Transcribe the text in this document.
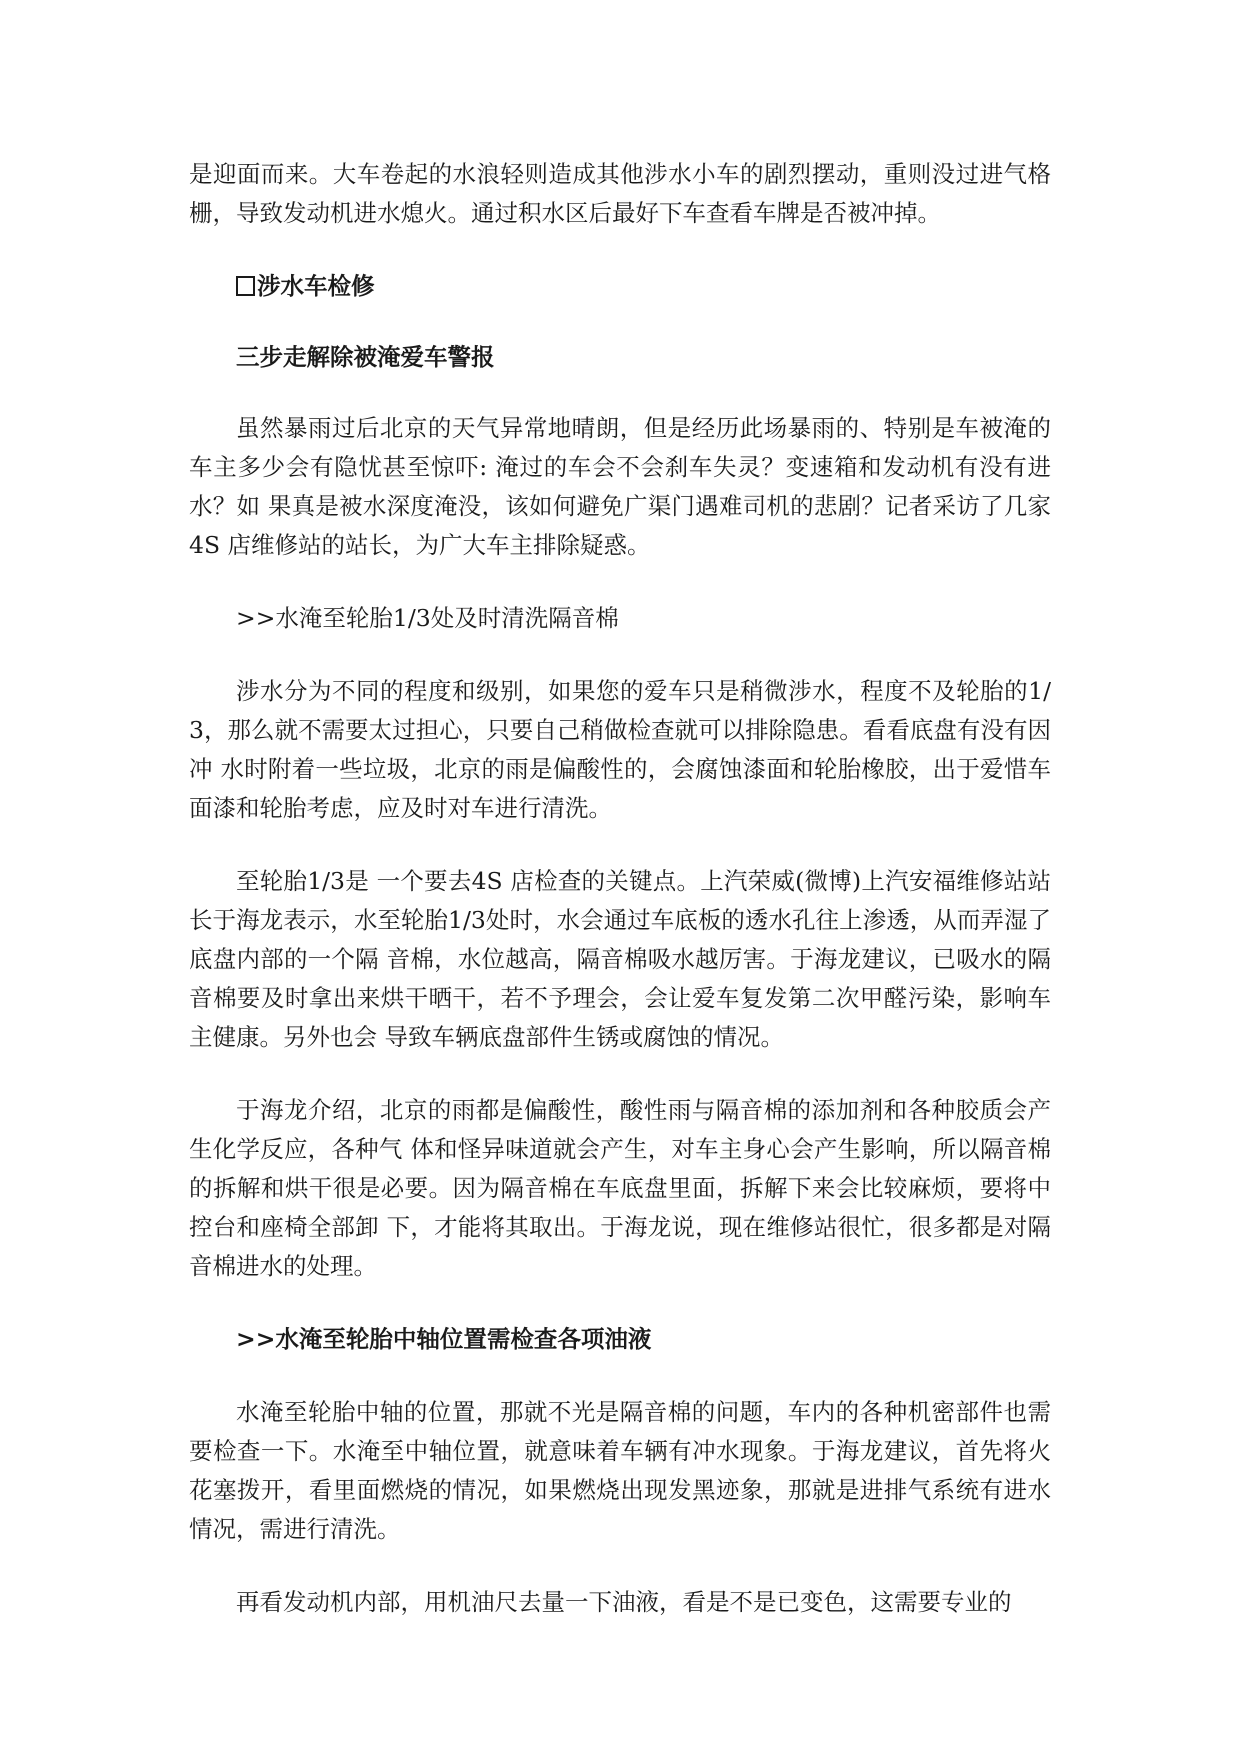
是迎面而来。大车卷起的水浪轻则造成其他涉水小车的剧烈摆动，重则没过进气格栅，导致发动机进水熄火。通过积水区后最好下车查看车牌是否被冲掉。

涉水车检修

三步走解除被淹爱车警报

虽然暴雨过后北京的天气异常地晴朗，但是经历此场暴雨的、特别是车被淹的车主多少会有隐忧甚至惊吓: 淹过的车会不会刹车失灵？变速箱和发动机有没有进水？如 果真是被水深度淹没，该如何避免广渠门遇难司机的悲剧？记者采访了几家4S 店维修站的站长，为广大车主排除疑惑。

>>水淹至轮胎1/3处及时清洗隔音棉

涉水分为不同的程度和级别，如果您的爱车只是稍微涉水，程度不及轮胎的1/3，那么就不需要太过担心，只要自己稍做检查就可以排除隐患。看看底盘有没有因冲 水时附着一些垃圾，北京的雨是偏酸性的，会腐蚀漆面和轮胎橡胶，出于爱惜车面漆和轮胎考虑，应及时对车进行清洗。

至轮胎1/3是 一个要去4S 店检查的关键点。上汽荣威(微博)上汽安福维修站站长于海龙表示，水至轮胎1/3处时，水会通过车底板的透水孔往上渗透，从而弄湿了底盘内部的一个隔 音棉，水位越高，隔音棉吸水越厉害。于海龙建议，已吸水的隔音棉要及时拿出来烘干晒干，若不予理会，会让爱车复发第二次甲醛污染，影响车主健康。另外也会 导致车辆底盘部件生锈或腐蚀的情况。

于海龙介绍，北京的雨都是偏酸性，酸性雨与隔音棉的添加剂和各种胶质会产生化学反应，各种气 体和怪异味道就会产生，对车主身心会产生影响，所以隔音棉的拆解和烘干很是必要。因为隔音棉在车底盘里面，拆解下来会比较麻烦，要将中控台和座椅全部卸 下，才能将其取出。于海龙说，现在维修站很忙，很多都是对隔音棉进水的处理。

>>水淹至轮胎中轴位置需检查各项油液

水淹至轮胎中轴的位置，那就不光是隔音棉的问题，车内的各种机密部件也需要检查一下。水淹至中轴位置，就意味着车辆有冲水现象。于海龙建议，首先将火花塞拨开，看里面燃烧的情况，如果燃烧出现发黑迹象，那就是进排气系统有进水情况，需进行清洗。

再看发动机内部，用机油尺去量一下油液，看是不是已变色，这需要专业的
